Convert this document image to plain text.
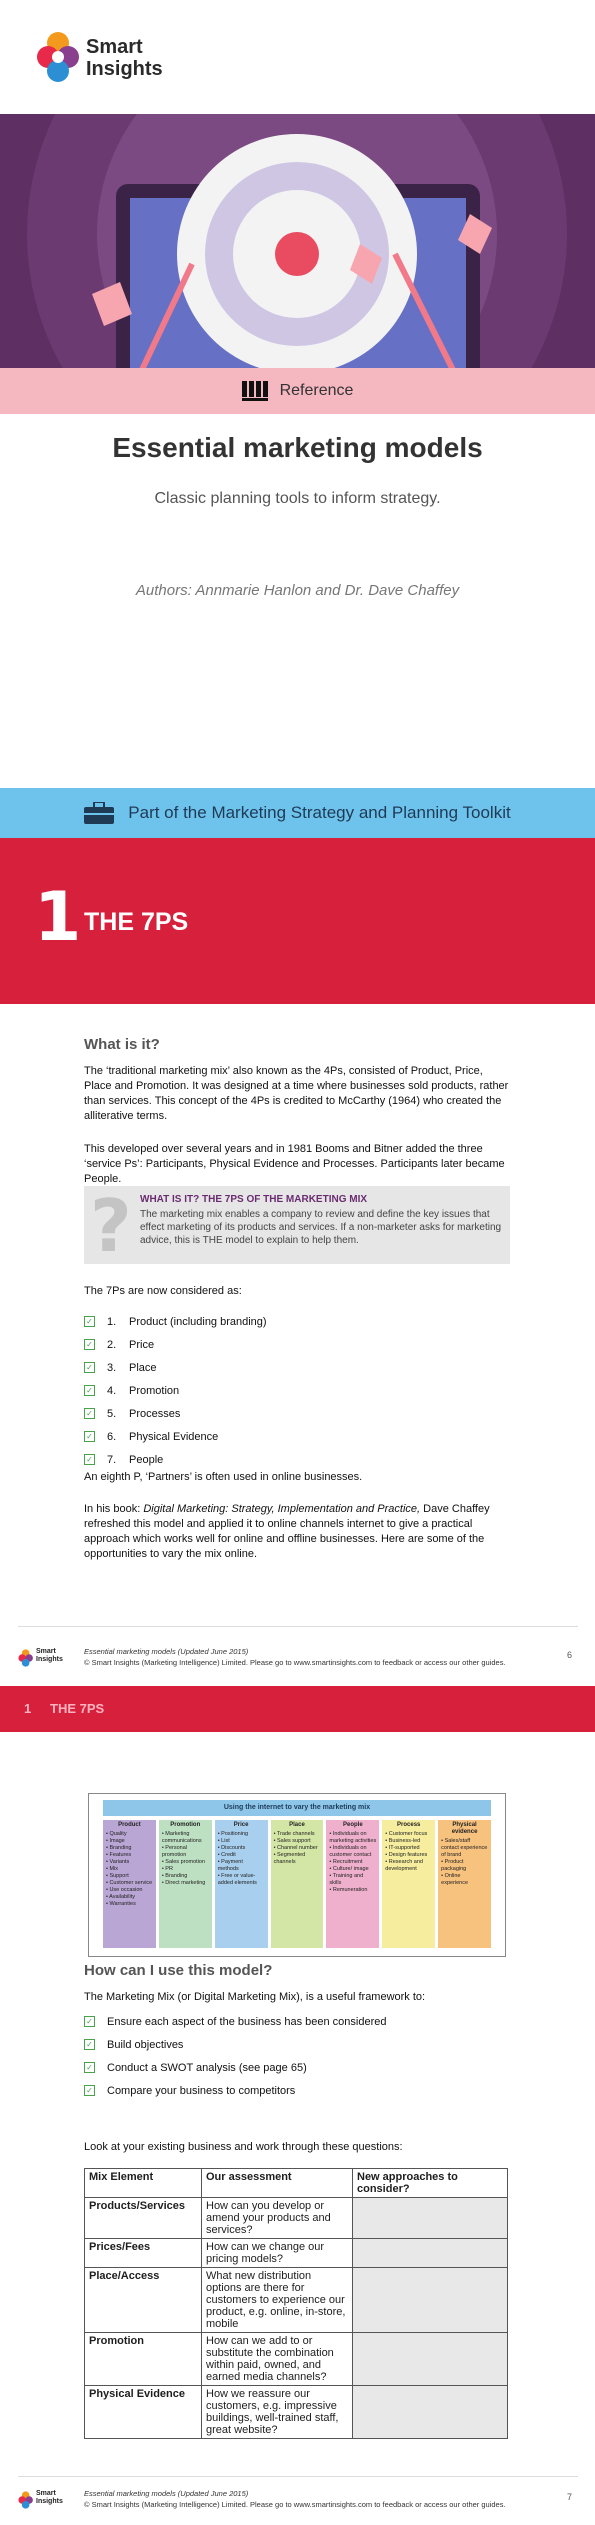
Smart
Insights
Reference
Essential marketing models
Classic planning tools to inform strategy.
Authors: Annmarie Hanlon and Dr. Dave Chaffey
Part of the Marketing Strategy and Planning Toolkit
1 THE 7PS
What is it?
The ‘traditional marketing mix’ also known as the 4Ps, consisted of Product, Price, Place and Promotion. It was designed at a time where businesses sold products, rather than services. This concept of the 4Ps is credited to McCarthy (1964) who created the alliterative terms.
This developed over several years and in 1981 Booms and Bitner added the three ‘service Ps’: Participants, Physical Evidence and Processes. Participants later became People.
? WHAT IS IT? THE 7PS OF THE MARKETING MIX
The marketing mix enables a company to review and define the key issues that effect marketing of its products and services. If a non-marketer asks for marketing advice, this is THE model to explain to help them.
The 7Ps are now considered as:
✓ 1.	Product (including branding)
✓ 2.	Price
✓ 3.	Place
✓ 4.	Promotion
✓ 5.	Processes
✓ 6.	Physical Evidence
✓ 7.	People
An eighth P, ‘Partners’ is often used in online businesses.
In his book: Digital Marketing: Strategy, Implementation and Practice, Dave Chaffey refreshed this model and applied it to online channels internet to give a practical approach which works well for online and offline businesses. Here are some of the opportunities to vary the mix online.
Smart
Insights
Essential marketing models (Updated June 2015)
© Smart Insights (Marketing Intelligence) Limited. Please go to www.smartinsights.com to feedback or access our other guides.
6
1 THE 7PS
Using the internet to vary the marketing mix
Product
• Quality
• Image
• Branding
• Features
• Variants
• Mix
• Support
• Customer service
• Use occasion
• Availability
• Warranties
Promotion
• Marketing communications
• Personal promotion
• Sales promotion
• PR
• Branding
• Direct marketing
Price
• Positioning
• List
• Discounts
• Credit
• Payment methods
• Free or value-added elements
Place
• Trade channels
• Sales support
• Channel number
• Segmented channels
People
• Individuals on marketing activities
• Individuals on customer contact
• Recruitment
• Culture/ image
• Training and skills
• Remuneration
Process
• Customer focus
• Business-led
• IT-supported
• Design features
• Research and development
Physical evidence
• Sales/staff contact experience of brand
• Product packaging
• Online experience
How can I use this model?
The Marketing Mix (or Digital Marketing Mix), is a useful framework to:
✓ Ensure each aspect of the business has been considered
✓ Build objectives
✓ Conduct a SWOT analysis (see page 65)
✓ Compare your business to competitors
Look at your existing business and work through these questions:
Mix Element	Our assessment	New approaches to consider?
Products/Services	How can you develop or amend your products and services?	
Prices/Fees	How can we change our pricing models?	
Place/Access	What new distribution options are there for customers to experience our product, e.g. online, in-store, mobile	
Promotion	How can we add to or substitute the combination within paid, owned, and earned media channels?	
Physical Evidence	How we reassure our customers, e.g. impressive buildings, well-trained staff, great website?	
Smart
Insights
Essential marketing models (Updated June 2015)
© Smart Insights (Marketing Intelligence) Limited. Please go to www.smartinsights.com to feedback or access our other guides.
7
